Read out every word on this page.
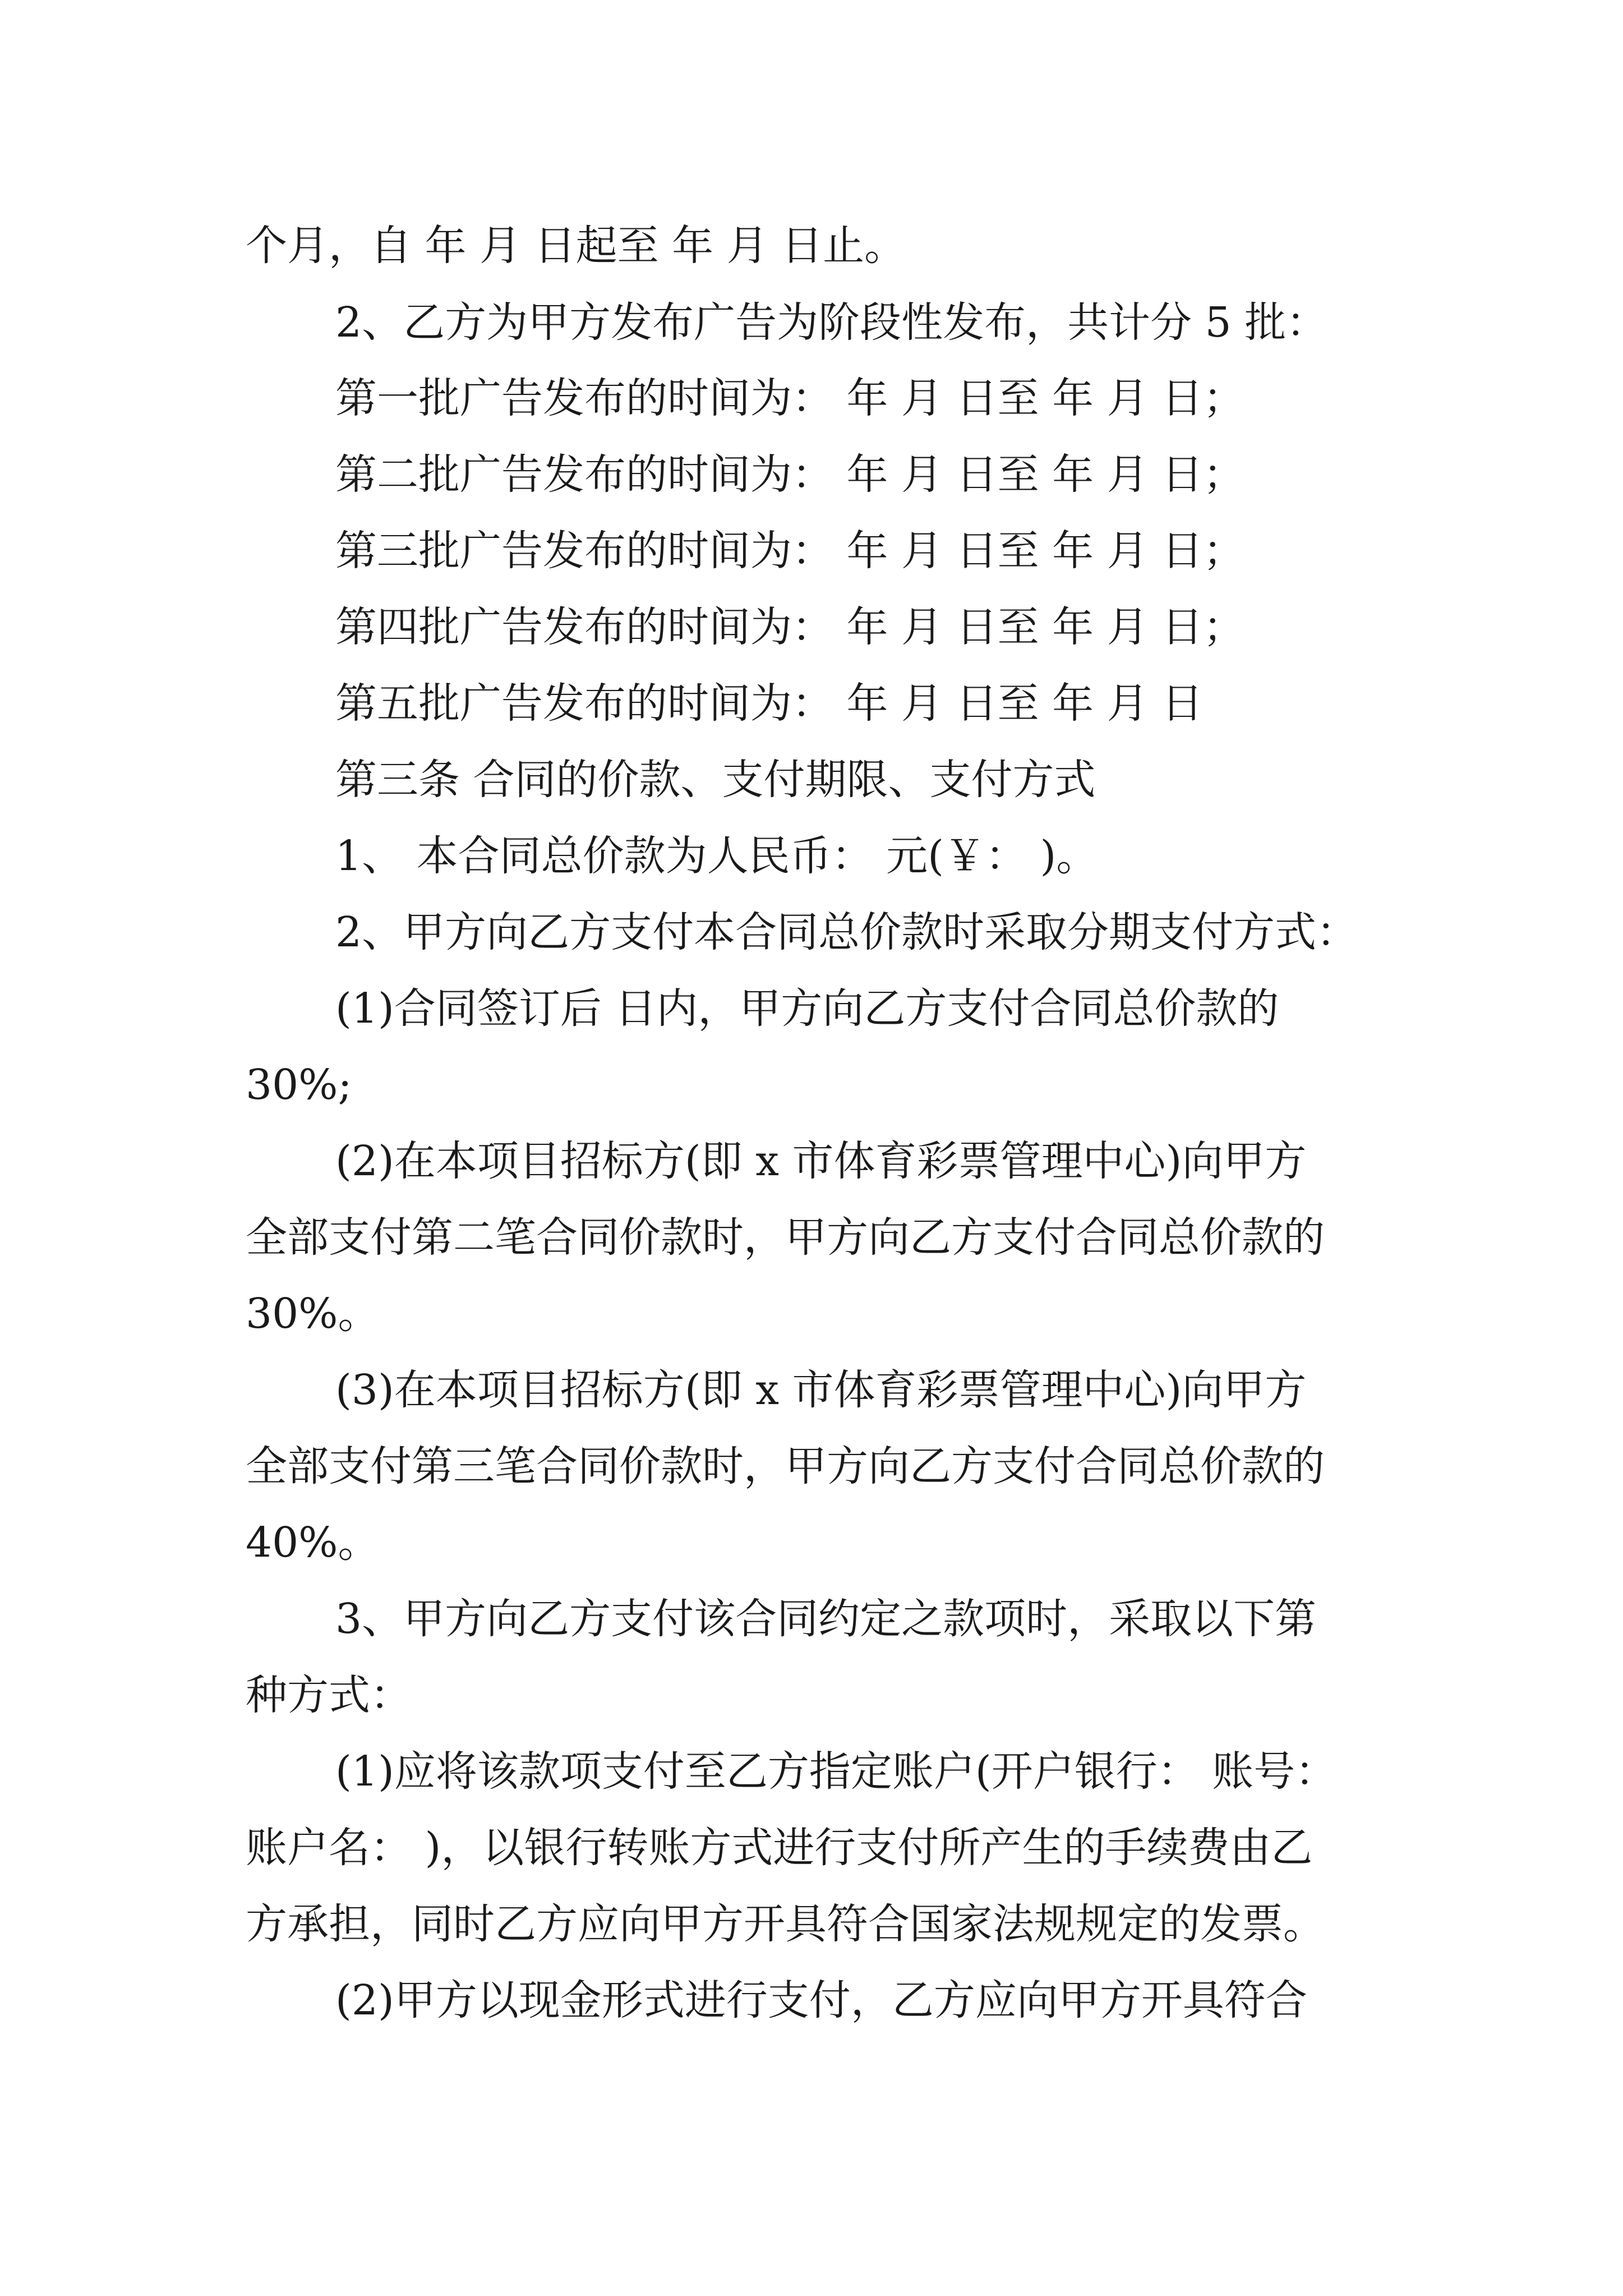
个月，自 年 月 日起至 年 月 日止。
2、乙方为甲方发布广告为阶段性发布，共计分 5 批：
第一批广告发布的时间为： 年 月 日至 年 月 日；
第二批广告发布的时间为： 年 月 日至 年 月 日；
第三批广告发布的时间为： 年 月 日至 年 月 日；
第四批广告发布的时间为： 年 月 日至 年 月 日；
第五批广告发布的时间为： 年 月 日至 年 月 日
第三条 合同的价款、支付期限、支付方式
1、 本合同总价款为人民币： 元(￥： )。
2、甲方向乙方支付本合同总价款时采取分期支付方式：
(1)合同签订后 日内，甲方向乙方支付合同总价款的
30%;
(2)在本项目招标方(即 x 市体育彩票管理中心)向甲方
全部支付第二笔合同价款时，甲方向乙方支付合同总价款的
30%。
(3)在本项目招标方(即 x 市体育彩票管理中心)向甲方
全部支付第三笔合同价款时，甲方向乙方支付合同总价款的
40%。
3、甲方向乙方支付该合同约定之款项时，采取以下第
种方式：
(1)应将该款项支付至乙方指定账户(开户银行： 账号：
账户名： )，以银行转账方式进行支付所产生的手续费由乙
方承担，同时乙方应向甲方开具符合国家法规规定的发票。
(2)甲方以现金形式进行支付，乙方应向甲方开具符合
